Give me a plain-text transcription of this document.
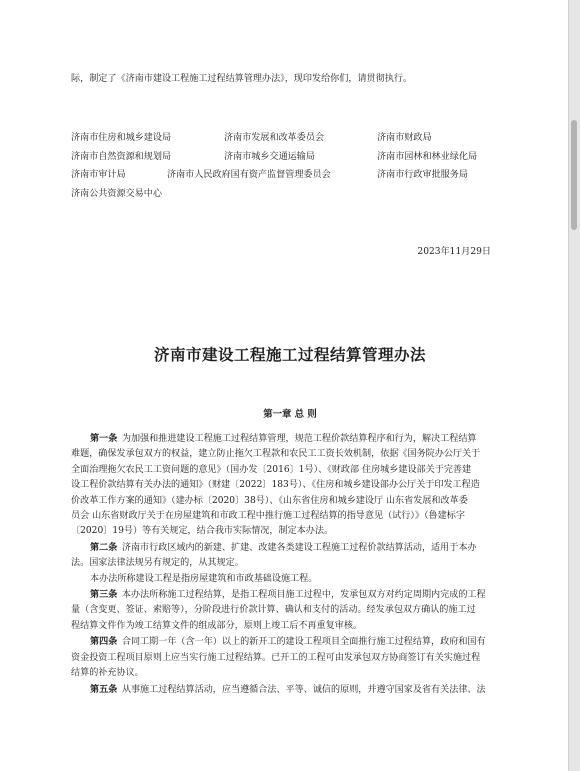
际，制定了《济南市建设工程施工过程结算管理办法》，现印发给你们，请贯彻执行。
济南市住房和城乡建设局	济南市发展和改革委员会	济南市财政局
济南市自然资源和规划局	济南市城乡交通运输局	济南市园林和林业绿化局
济南市审计局	济南市人民政府国有资产监督管理委员会	济南市行政审批服务局
济南公共资源交易中心
2023年11月29日
济南市建设工程施工过程结算管理办法
第一章 总 则
第一条  为加强和推进建设工程施工过程结算管理，规范工程价款结算程序和行为，解决工程结算
难题，确保发承包双方的权益，建立防止拖欠工程款和农民工工资长效机制，依据《国务院办公厅关于
全面治理拖欠农民工工资问题的意见》（国办发〔2016〕1号）、《财政部 住房城乡建设部关于完善建
设工程价款结算有关办法的通知》（财建〔2022〕183号）、《住房和城乡建设部办公厅关于印发工程造
价改革工作方案的通知》（建办标〔2020〕38号）、《山东省住房和城乡建设厅 山东省发展和改革委
员会 山东省财政厅关于在房屋建筑和市政工程中推行施工过程结算的指导意见（试行）》（鲁建标字
〔2020〕19号）等有关规定，结合我市实际情况，制定本办法。
第二条  济南市行政区域内的新建、扩建、改建各类建设工程施工过程价款结算活动，适用于本办
法。国家法律法规另有规定的，从其规定。
本办法所称建设工程是指房屋建筑和市政基础设施工程。
第三条  本办法所称施工过程结算，是指工程项目施工过程中，发承包双方对约定周期内完成的工程
量（含变更、签证、索赔等），分阶段进行价款计算、确认和支付的活动。经发承包双方确认的施工过
程结算文件作为竣工结算文件的组成部分，原则上竣工后不再重复审核。
第四条  合同工期一年（含一年）以上的新开工的建设工程项目全面推行施工过程结算，政府和国有
资金投资工程项目原则上应当实行施工过程结算。已开工的工程可由发承包双方协商签订有关实施过程
结算的补充协议。
第五条  从事施工过程结算活动，应当遵循合法、平等、诚信的原则，并遵守国家及省有关法律、法
